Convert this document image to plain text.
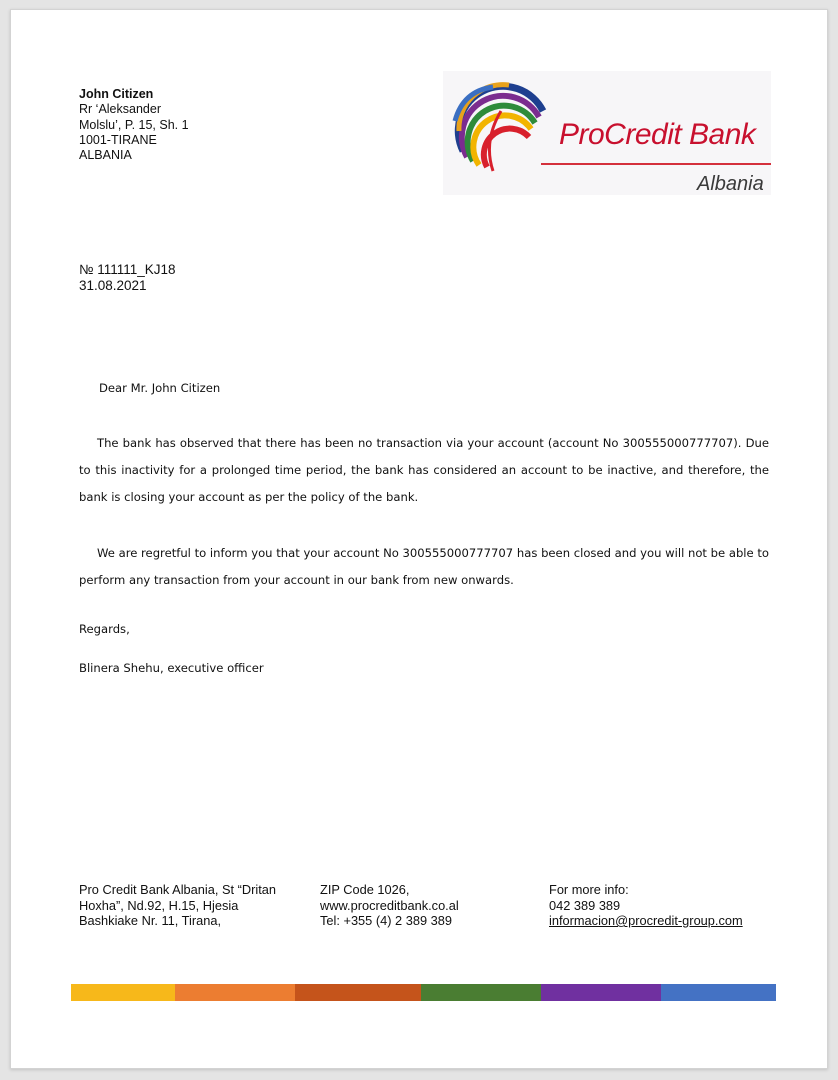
John Citizen
Rr ‘Aleksander
Molslu’, P. 15, Sh. 1
1001-TIRANE
ALBANIA
ProCredit Bank
Albania
№ 111111_KJ18
31.08.2021
Dear Mr. John Citizen
The bank has observed that there has been no transaction via your account (account No 300555000777707). Due to this inactivity for a prolonged time period, the bank has considered an account to be inactive, and therefore, the bank is closing your account as per the policy of the bank.
We are regretful to inform you that your account No 300555000777707 has been closed and you will not be able to perform any transaction from your account in our bank from new onwards.
Regards,
Blinera Shehu, executive officer
Pro Credit Bank Albania, St “Dritan
Hoxha”, Nd.92, H.15, Hjesia
Bashkiake Nr. 11, Tirana,
ZIP Code 1026,
www.procreditbank.co.al
Tel: +355 (4) 2 389 389
For more info:
042 389 389
informacion@procredit-group.com
